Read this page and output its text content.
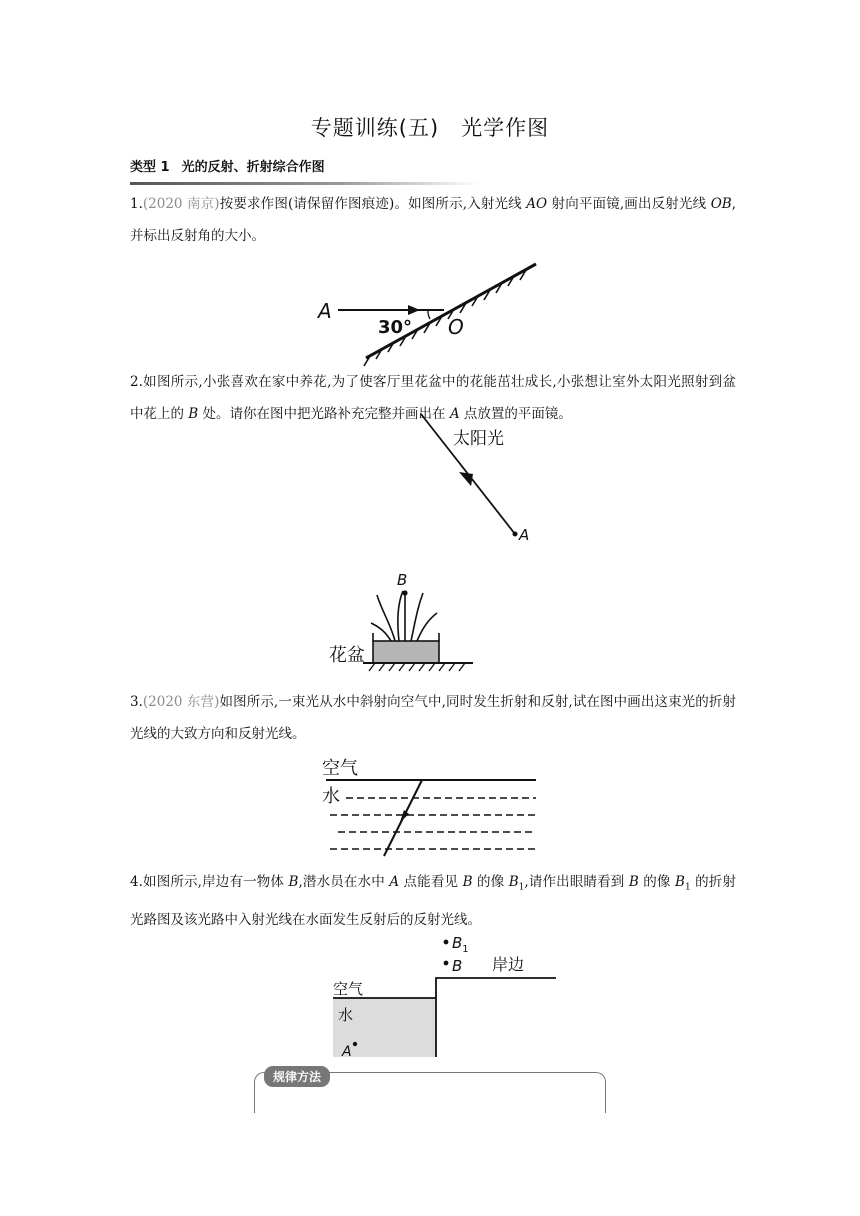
专题训练(五) 光学作图
类型 1 光的反射、折射综合作图
1.(2020 南京)按要求作图(请保留作图痕迹)。如图所示,入射光线 AO 射向平面镜,画出反射光线 OB,并标出反射角的大小。
A
O
30°
2.如图所示,小张喜欢在家中养花,为了使客厅里花盆中的花能茁壮成长,小张想让室外太阳光照射到盆中花上的 B 处。请你在图中把光路补充完整并画出在 A 点放置的平面镜。
太阳光
A
B
花盆
3.(2020 东营)如图所示,一束光从水中斜射向空气中,同时发生折射和反射,试在图中画出这束光的折射光线的大致方向和反射光线。
空气
水
4.如图所示,岸边有一物体 B,潜水员在水中 A 点能看见 B 的像 $B_1$,请作出眼睛看到 B 的像 $B_1$ 的折射光路图及该光路中入射光线在水面发生反射后的反射光线。
$B_1$
B 岸边
空气
水
A
规律方法
